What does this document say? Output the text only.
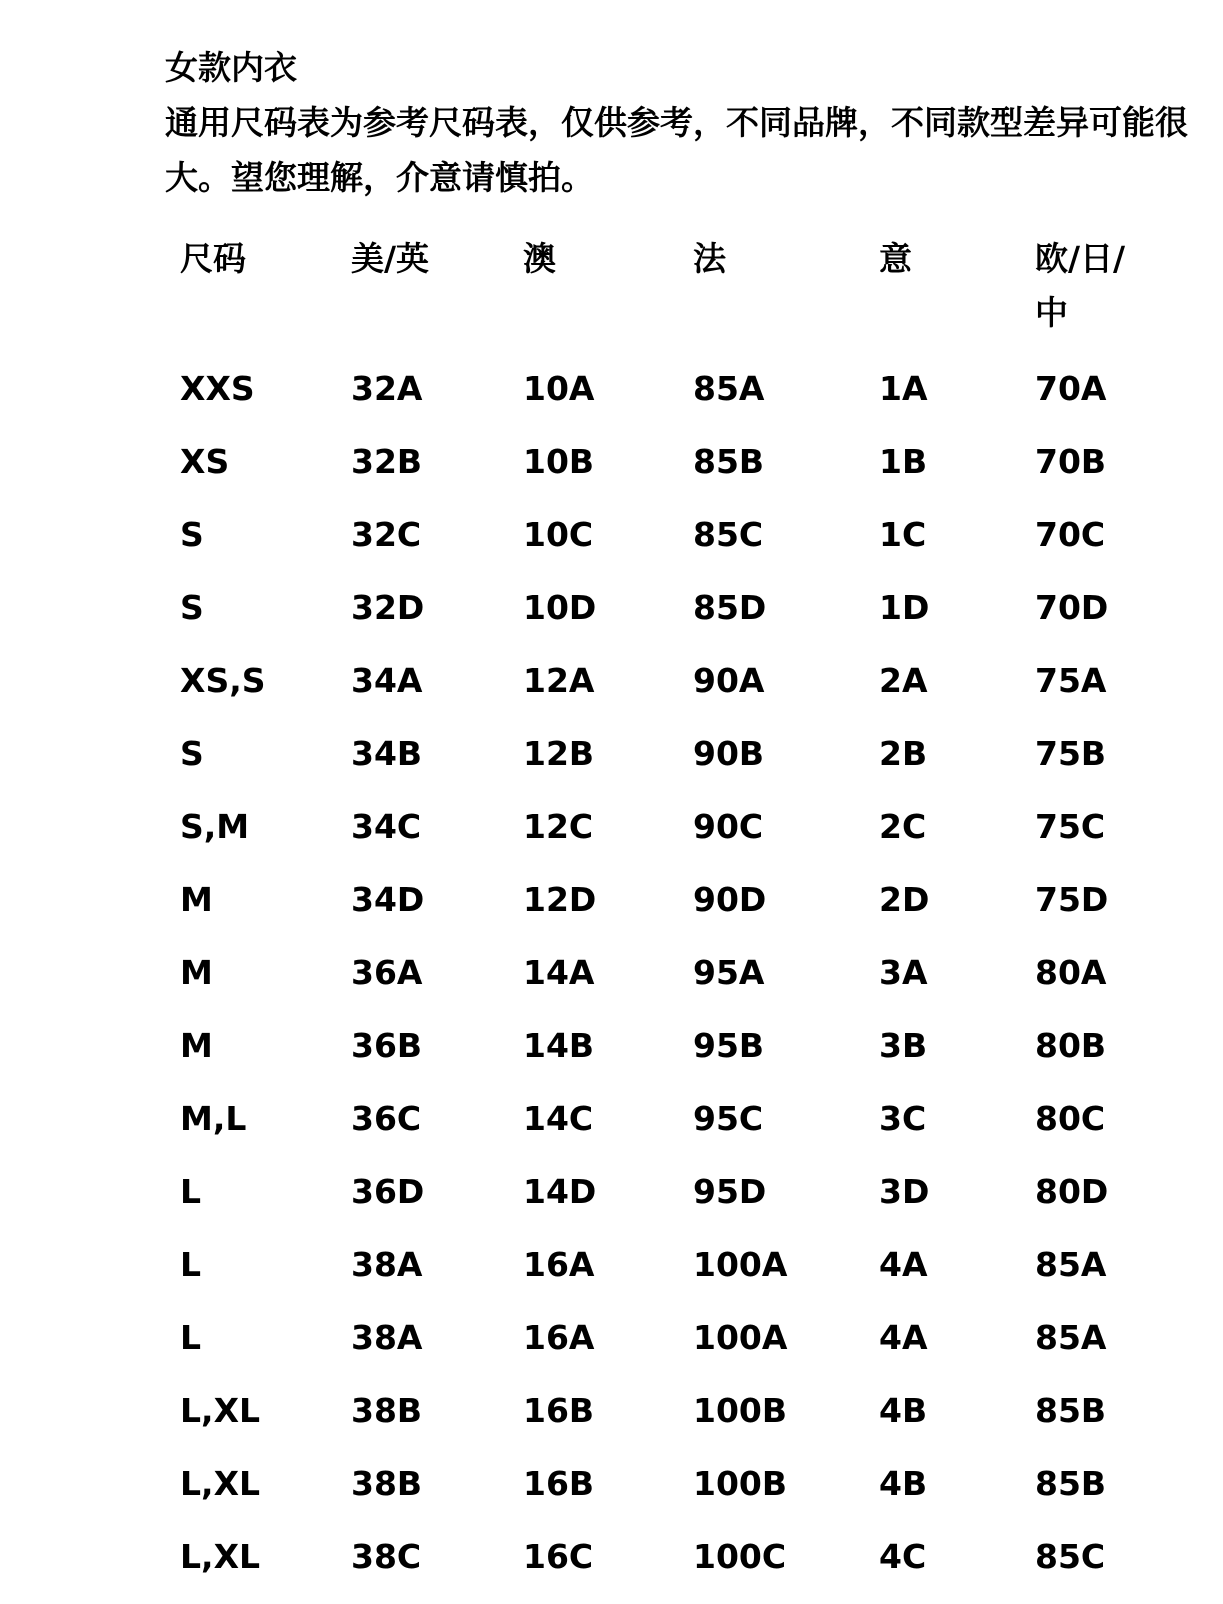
女款内衣

通用尺码表为参考尺码表，仅供参考，不同品牌，不同款型差异可能很大。望您理解，介意请慎拍。

尺码	美/英	澳	法	意	欧/日/中
XXS	32A	10A	85A	1A	70A
XS	32B	10B	85B	1B	70B
S	32C	10C	85C	1C	70C
S	32D	10D	85D	1D	70D
XS,S	34A	12A	90A	2A	75A
S	34B	12B	90B	2B	75B
S,M	34C	12C	90C	2C	75C
M	34D	12D	90D	2D	75D
M	36A	14A	95A	3A	80A
M	36B	14B	95B	3B	80B
M,L	36C	14C	95C	3C	80C
L	36D	14D	95D	3D	80D
L	38A	16A	100A	4A	85A
L	38A	16A	100A	4A	85A
L,XL	38B	16B	100B	4B	85B
L,XL	38B	16B	100B	4B	85B
L,XL	38C	16C	100C	4C	85C
